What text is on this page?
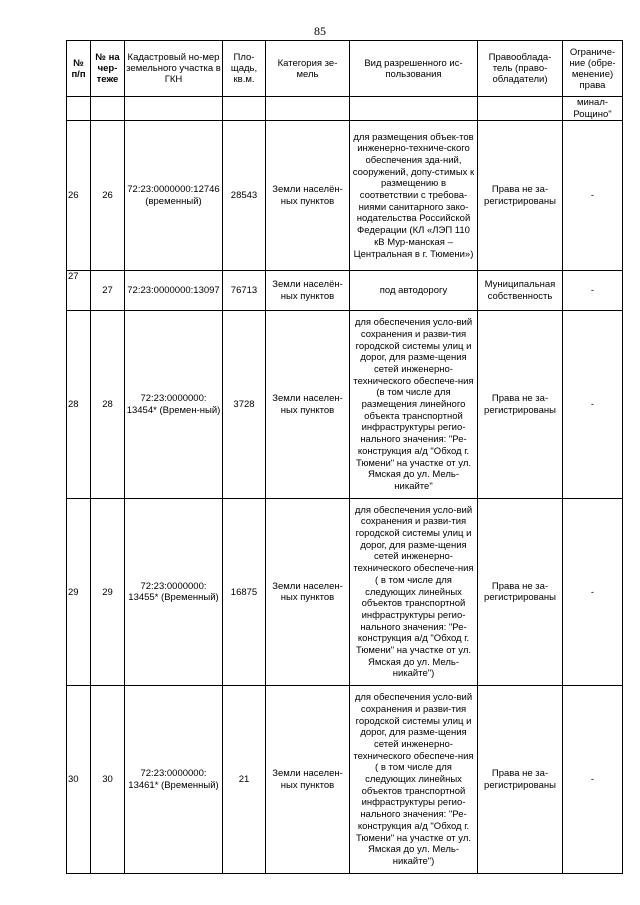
85
№ п/п	№ на чер-теже	Кадастровый но-мер земельного участка в ГКН	Пло-щадь, кв.м.	Категория зе-мель	Вид разрешенного ис-пользования	Правооблада-тель (право-обладатели)	Ограниче-ние (обре-менение) права
							минал-Рощино"
26	26	72:23:0000000:12746 (временный)	28543	Земли населён-ных пунктов	для размещения объек-тов инженерно-техниче-ского обеспечения зда-ний, сооружений, допу-стимых к размещению в соответствии с требова-ниями санитарного зако-нодательства Российской Федерации (КЛ «ЛЭП 110 кВ Мур-манская – Центральная в г. Тюмени»)	Права не за-регистрированы	-
27	27	72:23:0000000:13097	76713	Земли населён-ных пунктов	под автодорогу	Муниципальная собственность	-
28	28	72:23:0000000: 13454* (Времен-ный)	3728	Земли населен-ных пунктов	для обеспечения усло-вий сохранения и разви-тия городской системы улиц и дорог, для разме-щения сетей инженерно-технического обеспече-ния (в том числе для размещения линейного объекта транспортной инфраструктуры регио-нального значения: "Ре-конструкция а/д "Обход г. Тюмени" на участке от ул. Ямская до ул. Мель-никайте"	Права не за-регистрированы	-
29	29	72:23:0000000: 13455* (Временный)	16875	Земли населен-ных пунктов	для обеспечения усло-вий сохранения и разви-тия городской системы улиц и дорог, для разме-щения сетей инженерно-технического обеспече-ния ( в том числе для следующих линейных объектов транспортной инфраструктуры регио-нального значения: "Ре-конструкция а/д "Обход г. Тюмени" на участке от ул. Ямская до ул. Мель-никайте")	Права не за-регистрированы	-
30	30	72:23:0000000: 13461* (Временный)	21	Земли населен-ных пунктов	для обеспечения усло-вий сохранения и разви-тия городской системы улиц и дорог, для разме-щения сетей инженерно-технического обеспече-ния ( в том числе для следующих линейных объектов транспортной инфраструктуры регио-нального значения: "Ре-конструкция а/д "Обход г. Тюмени" на участке от ул. Ямская до ул. Мель-никайте")	Права не за-регистрированы	-
